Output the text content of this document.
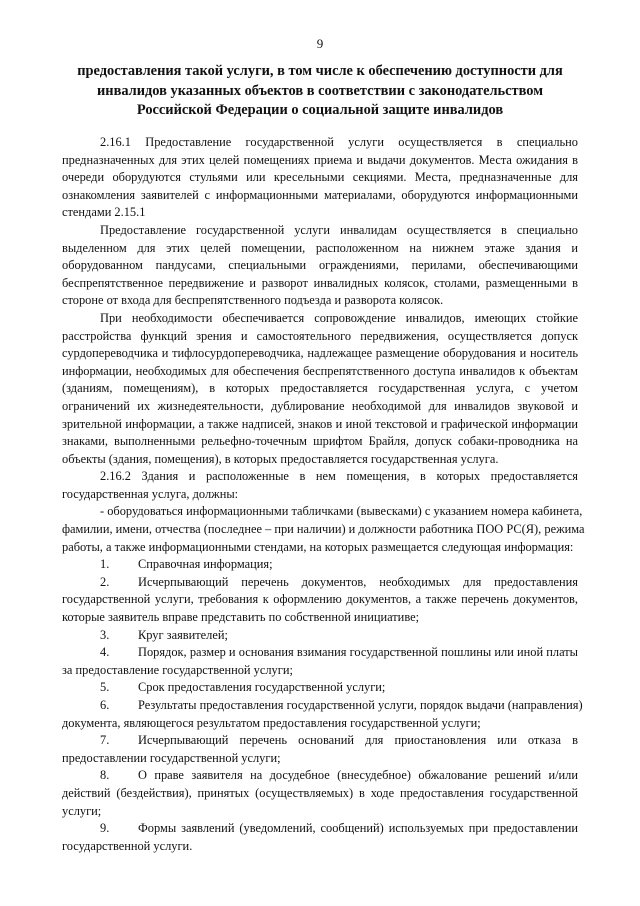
9
предоставления такой услуги, в том числе к обеспечению доступности для
инвалидов указанных объектов в соответствии с законодательством
Российской Федерации о социальной защите инвалидов
2.16.1 Предоставление государственной услуги осуществляется в специально
предназначенных для этих целей помещениях приема и выдачи документов. Места ожидания в
очереди оборудуются стульями или кресельными секциями. Места, предназначенные для
ознакомления заявителей с информационными материалами, оборудуются информационными
стендами 2.15.1
Предоставление государственной услуги инвалидам осуществляется в специально
выделенном для этих целей помещении, расположенном на нижнем этаже здания и
оборудованном пандусами, специальными ограждениями, перилами, обеспечивающими
беспрепятственное передвижение и разворот инвалидных колясок, столами, размещенными в
стороне от входа для беспрепятственного подъезда и разворота колясок.
При необходимости обеспечивается сопровождение инвалидов, имеющих стойкие
расстройства функций зрения и самостоятельного передвижения, осуществляется допуск
сурдопереводчика и тифлосурдопереводчика, надлежащее размещение оборудования и носитель
информации, необходимых для обеспечения беспрепятственного доступа инвалидов к объектам
(зданиям, помещениям), в которых предоставляется государственная услуга, с учетом
ограничений их жизнедеятельности, дублирование необходимой для инвалидов звуковой и
зрительной информации, а также надписей, знаков и иной текстовой и графической информации
знаками, выполненными рельефно-точечным шрифтом Брайля, допуск собаки-проводника на
объекты (здания, помещения), в которых предоставляется государственная услуга.
2.16.2 Здания и расположенные в нем помещения, в которых предоставляется
государственная услуга, должны:
- оборудоваться информационными табличками (вывесками) с указанием номера кабинета,
фамилии, имени, отчества (последнее – при наличии) и должности работника ПОО РС(Я), режима
работы, а также информационными стендами, на которых размещается следующая информация:
1. Справочная информация;
2. Исчерпывающий перечень документов, необходимых для предоставления
государственной услуги, требования к оформлению документов, а также перечень документов,
которые заявитель вправе представить по собственной инициативе;
3. Круг заявителей;
4. Порядок, размер и основания взимания государственной пошлины или иной платы
за предоставление государственной услуги;
5. Срок предоставления государственной услуги;
6. Результаты предоставления государственной услуги, порядок выдачи (направления)
документа, являющегося результатом предоставления государственной услуги;
7. Исчерпывающий перечень оснований для приостановления или отказа в
предоставлении государственной услуги;
8. О праве заявителя на досудебное (внесудебное) обжалование решений и/или
действий (бездействия), принятых (осуществляемых) в ходе предоставления государственной
услуги;
9. Формы заявлений (уведомлений, сообщений) используемых при предоставлении
государственной услуги.
